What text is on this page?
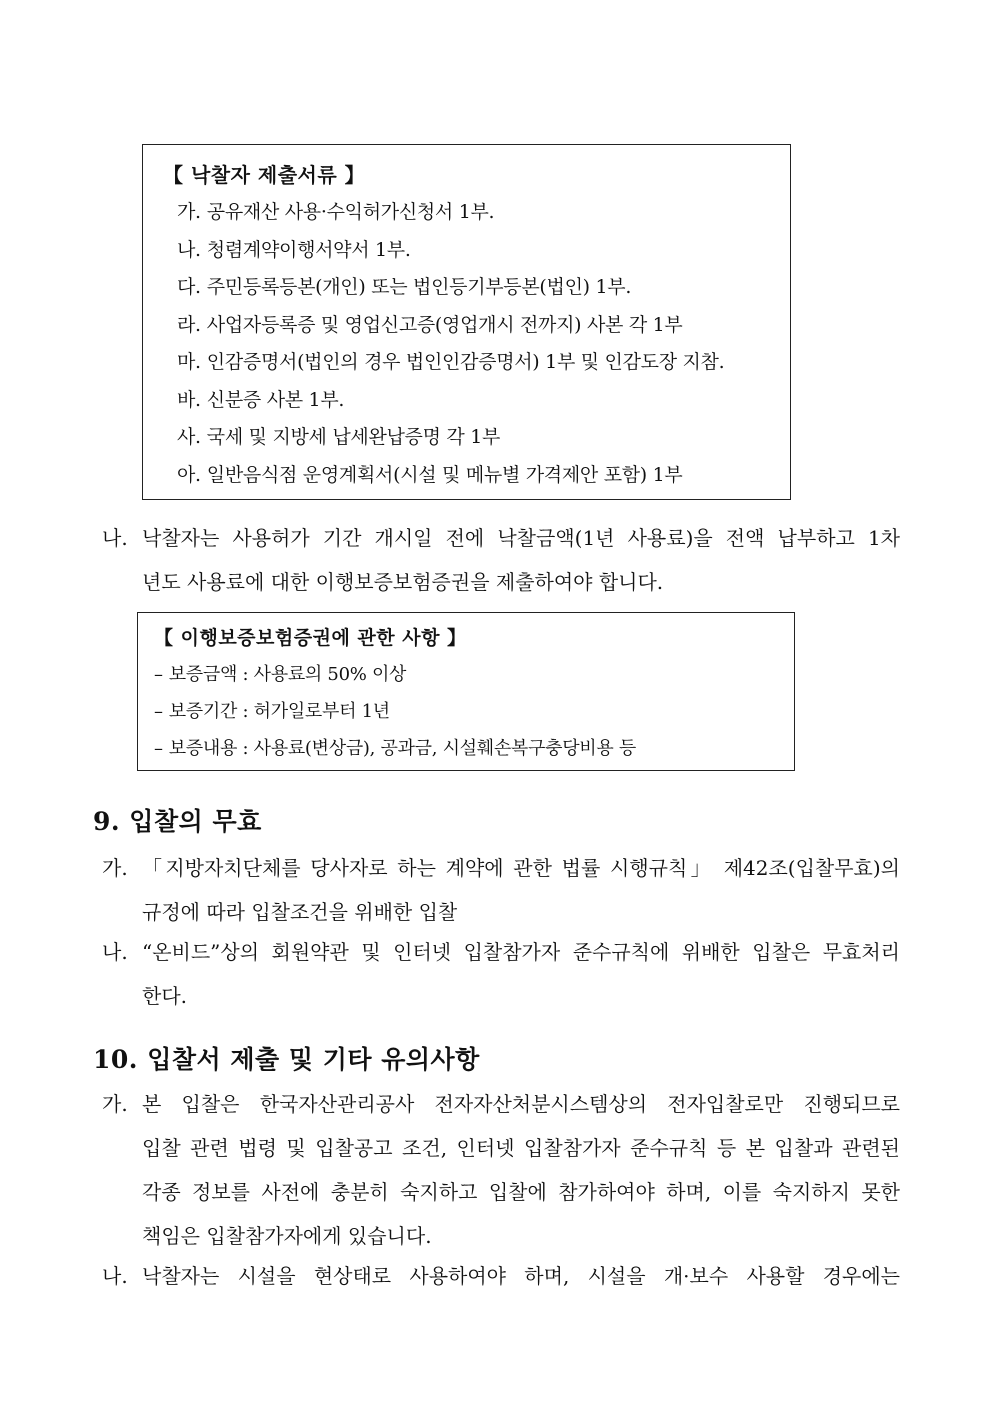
【 낙찰자 제출서류 】
가. 공유재산 사용·수익허가신청서 1부.
나. 청렴계약이행서약서 1부.
다. 주민등록등본(개인) 또는 법인등기부등본(법인) 1부.
라. 사업자등록증 및 영업신고증(영업개시 전까지) 사본 각 1부
마. 인감증명서(법인의 경우 법인인감증명서) 1부 및 인감도장 지참.
바. 신분증 사본 1부.
사. 국세 및 지방세 납세완납증명 각 1부
아. 일반음식점 운영계획서(시설 및 메뉴별 가격제안 포함) 1부
나. 낙찰자는 사용허가 기간 개시일 전에 낙찰금액(1년 사용료)을 전액 납부하고 1차
년도 사용료에 대한 이행보증보험증권을 제출하여야 합니다.
【 이행보증보험증권에 관한 사항 】
– 보증금액 : 사용료의 50% 이상
– 보증기간 : 허가일로부터 1년
– 보증내용 : 사용료(변상금), 공과금, 시설훼손복구충당비용 등
9. 입찰의 무효
가. 「지방자치단체를 당사자로 하는 계약에 관한 법률 시행규칙」 제42조(입찰무효)의
규정에 따라 입찰조건을 위배한 입찰
나. “온비드”상의 회원약관 및 인터넷 입찰참가자 준수규칙에 위배한 입찰은 무효처리
한다.
10. 입찰서 제출 및 기타 유의사항
가. 본 입찰은 한국자산관리공사 전자자산처분시스템상의 전자입찰로만 진행되므로
입찰 관련 법령 및 입찰공고 조건, 인터넷 입찰참가자 준수규칙 등 본 입찰과 관련된
각종 정보를 사전에 충분히 숙지하고 입찰에 참가하여야 하며, 이를 숙지하지 못한
책임은 입찰참가자에게 있습니다.
나. 낙찰자는 시설을 현상태로 사용하여야 하며, 시설을 개·보수 사용할 경우에는
